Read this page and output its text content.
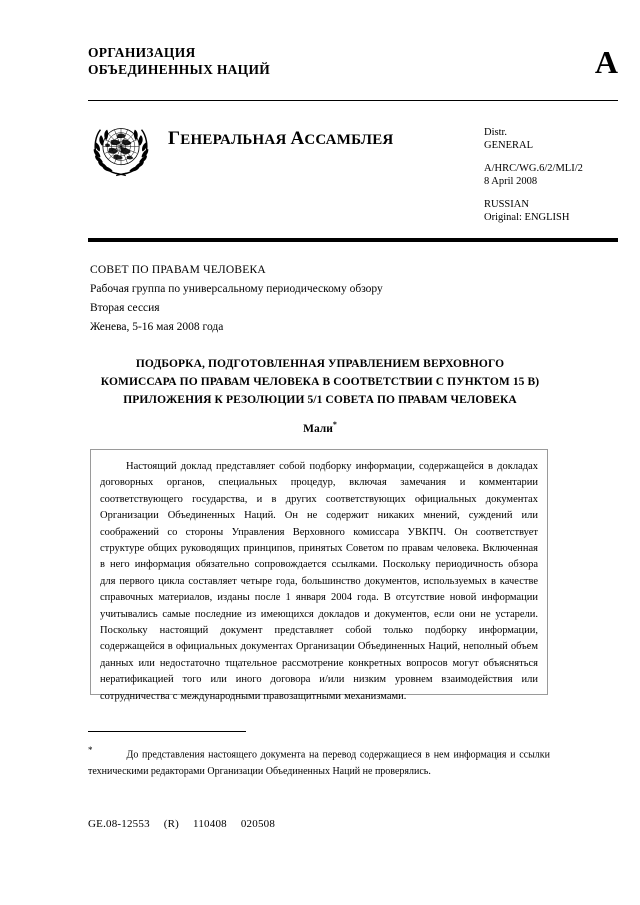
ОРГАНИЗАЦИЯ
ОБЪЕДИНЕННЫХ НАЦИЙ	A
ГЕНЕРАЛЬНАЯ АССАМБЛЕЯ	Distr.
GENERAL
A/HRC/WG.6/2/MLI/2
8 April 2008
RUSSIAN
Original: ENGLISH
СОВЕТ ПО ПРАВАМ ЧЕЛОВЕКА
Рабочая группа по универсальному периодическому обзору
Вторая сессия
Женева, 5-16 мая 2008 года
ПОДБОРКА, ПОДГОТОВЛЕННАЯ УПРАВЛЕНИЕМ ВЕРХОВНОГО
КОМИССАРА ПО ПРАВАМ ЧЕЛОВЕКА В СООТВЕТСТВИИ С ПУНКТОМ 15 В)
ПРИЛОЖЕНИЯ К РЕЗОЛЮЦИИ 5/1 СОВЕТА ПО ПРАВАМ ЧЕЛОВЕКА
Мали*
Настоящий доклад представляет собой подборку информации, содержащейся в докладах договорных органов, специальных процедур, включая замечания и комментарии соответствующего государства, и в других соответствующих официальных документах Организации Объединенных Наций. Он не содержит никаких мнений, суждений или соображений со стороны Управления Верховного комиссара УВКПЧ. Он соответствует структуре общих руководящих принципов, принятых Советом по правам человека. Включенная в него информация обязательно сопровождается ссылками. Поскольку периодичность обзора для первого цикла составляет четыре года, большинство документов, используемых в качестве справочных материалов, изданы после 1 января 2004 года. В отсутствие новой информации учитывались самые последние из имеющихся докладов и документов, если они не устарели. Поскольку настоящий документ представляет собой только подборку информации, содержащейся в официальных документах Организации Объединенных Наций, неполный объем данных или недостаточно тщательное рассмотрение конкретных вопросов могут объясняться нератификацией того или иного договора и/или низким уровнем взаимодействия или сотрудничества с международными правозащитными механизмами.
*	До представления настоящего документа на перевод содержащиеся в нем информация и ссылки техническими редакторами Организации Объединенных Наций не проверялись.
GE.08-12553 (R) 110408 020508
